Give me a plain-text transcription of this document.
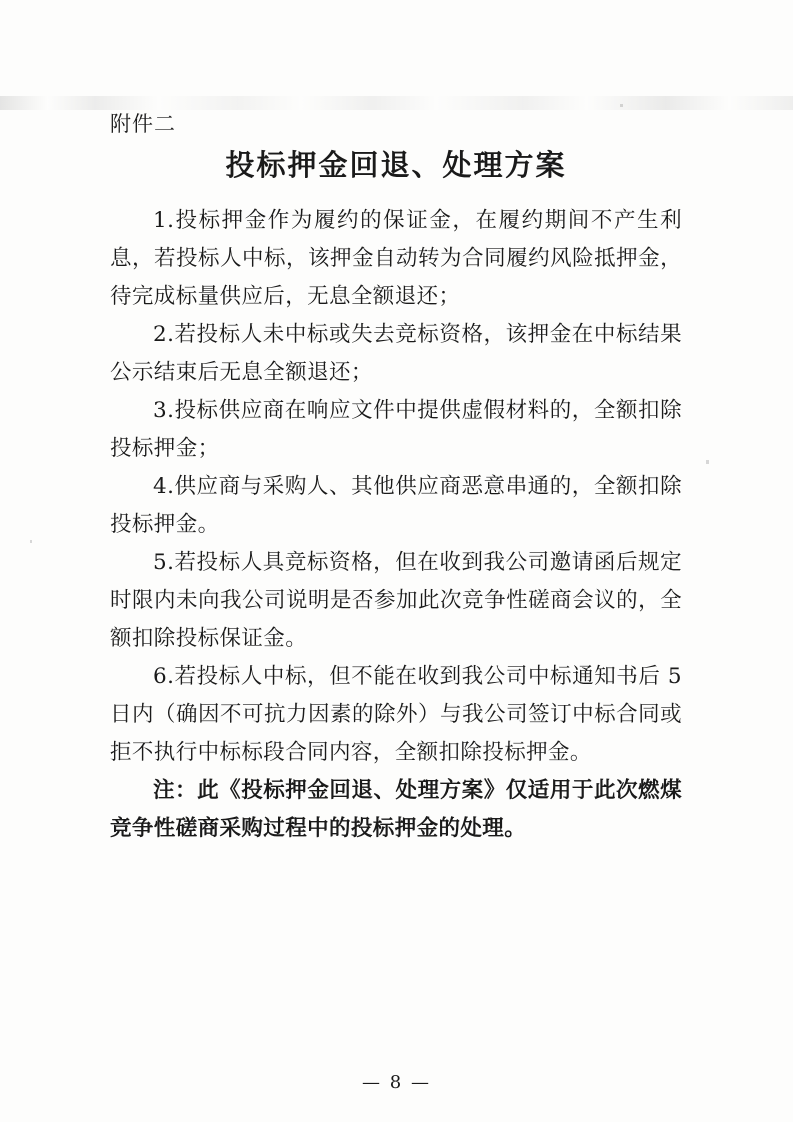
附件二
投标押金回退、处理方案

1.投标押金作为履约的保证金，在履约期间不产生利息，若投标人中标，该押金自动转为合同履约风险抵押金，待完成标量供应后，无息全额退还；

2.若投标人未中标或失去竞标资格，该押金在中标结果公示结束后无息全额退还；

3.投标供应商在响应文件中提供虚假材料的，全额扣除投标押金；

4.供应商与采购人、其他供应商恶意串通的，全额扣除投标押金。

5.若投标人具竞标资格，但在收到我公司邀请函后规定时限内未向我公司说明是否参加此次竞争性磋商会议的，全额扣除投标保证金。

6.若投标人中标，但不能在收到我公司中标通知书后 5 日内（确因不可抗力因素的除外）与我公司签订中标合同或拒不执行中标标段合同内容，全额扣除投标押金。

注：此《投标押金回退、处理方案》仅适用于此次燃煤竞争性磋商采购过程中的投标押金的处理。

— 8 —
